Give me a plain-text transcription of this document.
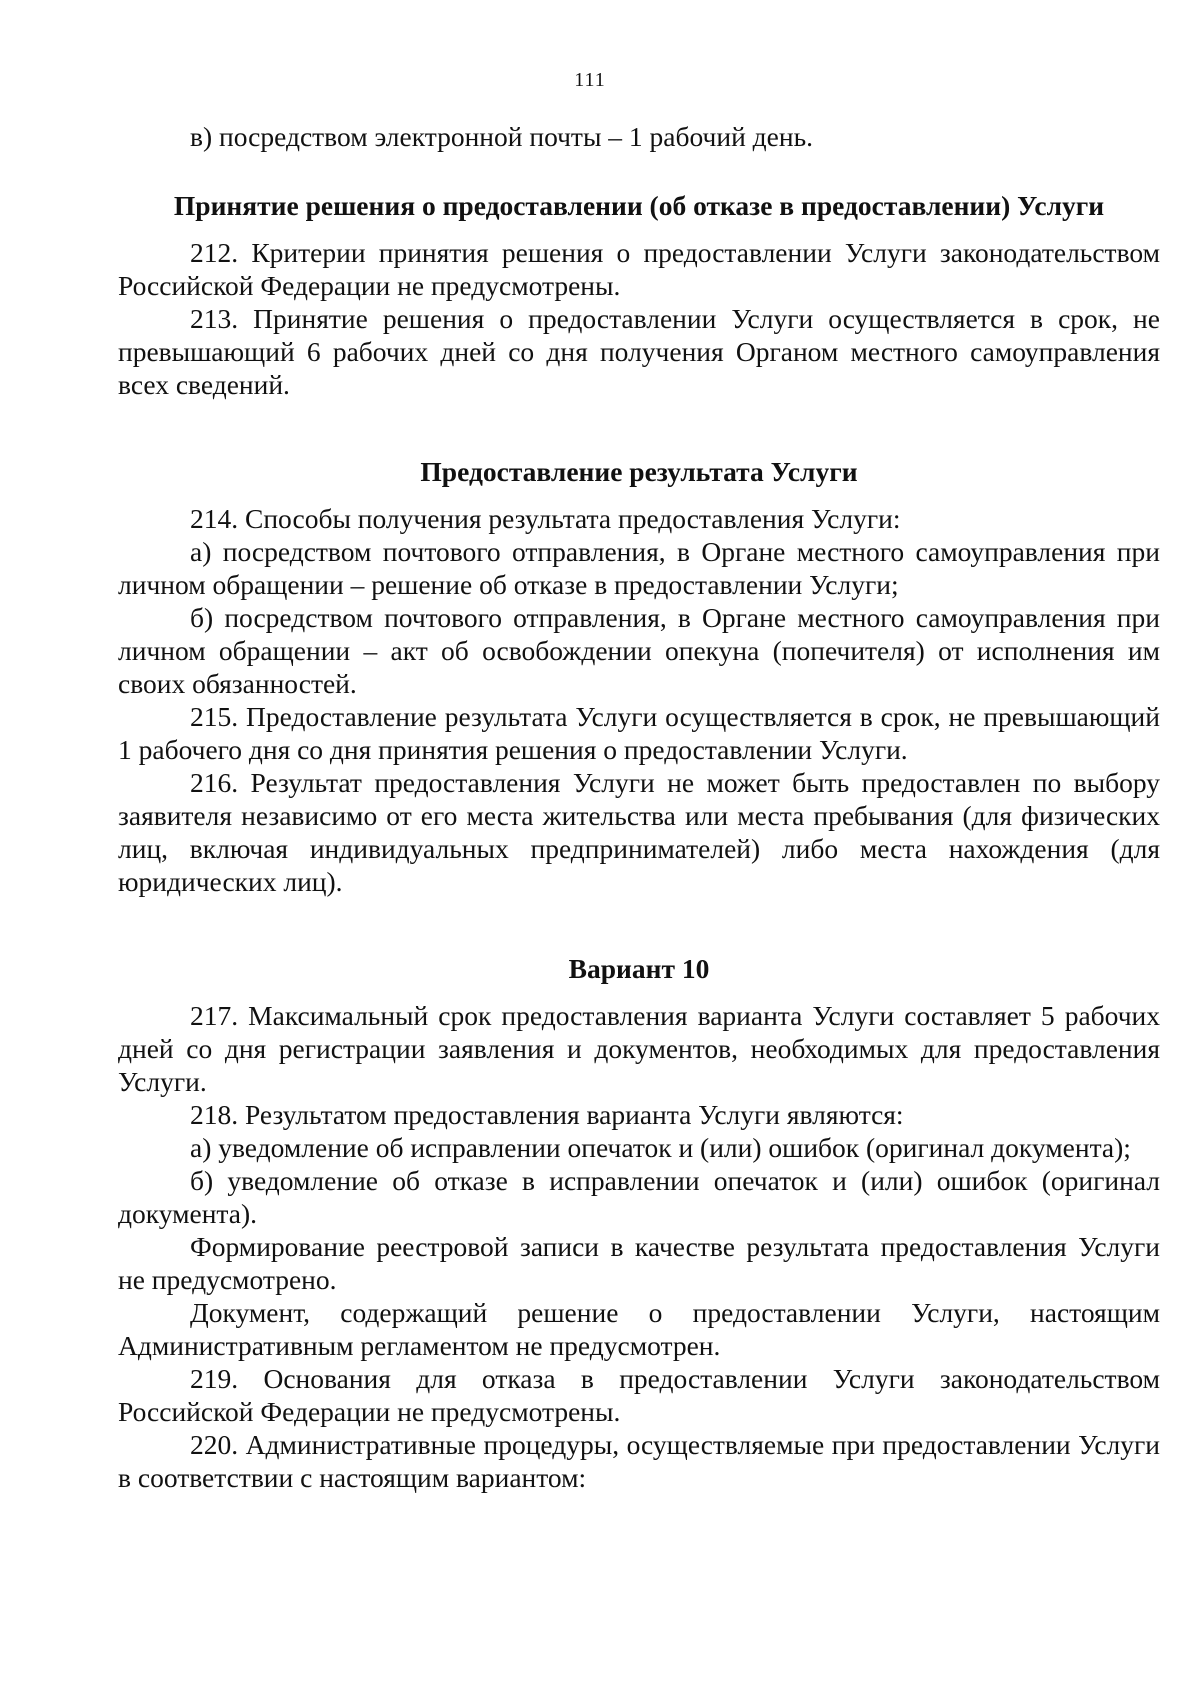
111

в) посредством электронной почты – 1 рабочий день.

Принятие решения о предоставлении (об отказе в предоставлении) Услуги

212. Критерии принятия решения о предоставлении Услуги законодательством Российской Федерации не предусмотрены.

213. Принятие решения о предоставлении Услуги осуществляется в срок, не превышающий 6 рабочих дней со дня получения Органом местного самоуправления всех сведений.

Предоставление результата Услуги

214. Способы получения результата предоставления Услуги:

а) посредством почтового отправления, в Органе местного самоуправления при личном обращении – решение об отказе в предоставлении Услуги;

б) посредством почтового отправления, в Органе местного самоуправления при личном обращении – акт об освобождении опекуна (попечителя) от исполнения им своих обязанностей.

215. Предоставление результата Услуги осуществляется в срок, не превышающий 1 рабочего дня со дня принятия решения о предоставлении Услуги.

216. Результат предоставления Услуги не может быть предоставлен по выбору заявителя независимо от его места жительства или места пребывания (для физических лиц, включая индивидуальных предпринимателей) либо места нахождения (для юридических лиц).

Вариант 10

217. Максимальный срок предоставления варианта Услуги составляет 5 рабочих дней со дня регистрации заявления и документов, необходимых для предоставления Услуги.

218. Результатом предоставления варианта Услуги являются:

а) уведомление об исправлении опечаток и (или) ошибок (оригинал документа);

б) уведомление об отказе в исправлении опечаток и (или) ошибок (оригинал документа).

Формирование реестровой записи в качестве результата предоставления Услуги не предусмотрено.

Документ, содержащий решение о предоставлении Услуги, настоящим Административным регламентом не предусмотрен.

219. Основания для отказа в предоставлении Услуги законодательством Российской Федерации не предусмотрены.

220. Административные процедуры, осуществляемые при предоставлении Услуги в соответствии с настоящим вариантом:
